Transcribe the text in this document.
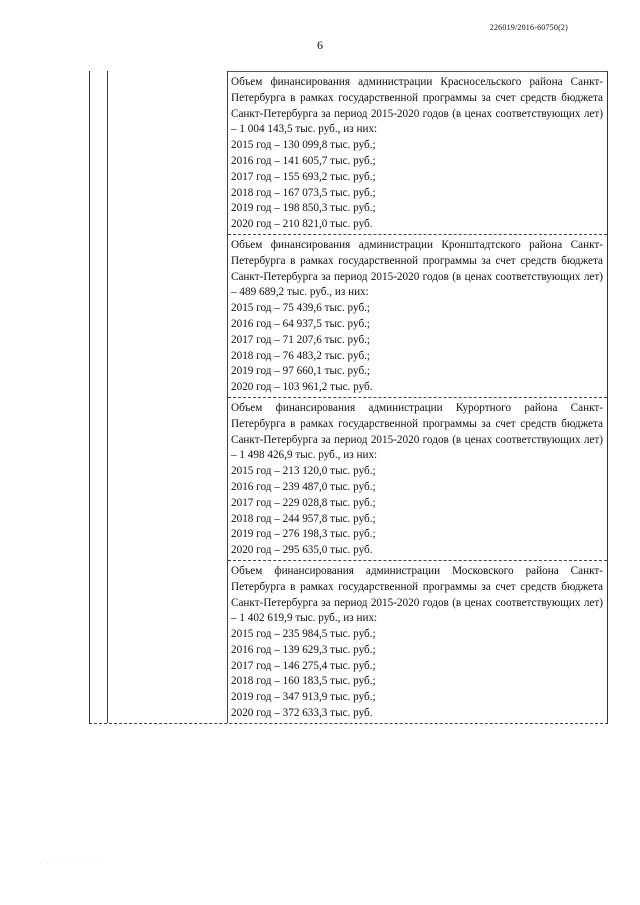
226019/2016-60750(2)
6
Объем финансирования администрации Красносельского района Санкт-Петербурга в рамках государственной программы за счет средств бюджета Санкт-Петербурга за период 2015-2020 годов (в ценах соответствующих лет) – 1 004 143,5 тыс. руб., из них:
2015 год – 130 099,8 тыс. руб.;
2016 год – 141 605,7 тыс. руб.;
2017 год – 155 693,2 тыс. руб.;
2018 год – 167 073,5 тыс. руб.;
2019 год – 198 850,3 тыс. руб.;
2020 год – 210 821,0 тыс. руб.
Объем финансирования администрации Кронштадтского района Санкт-Петербурга в рамках государственной программы за счет средств бюджета Санкт-Петербурга за период 2015-2020 годов (в ценах соответствующих лет) – 489 689,2 тыс. руб., из них:
2015 год – 75 439,6 тыс. руб.;
2016 год – 64 937,5 тыс. руб.;
2017 год – 71 207,6 тыс. руб.;
2018 год – 76 483,2 тыс. руб.;
2019 год – 97 660,1 тыс. руб.;
2020 год – 103 961,2 тыс. руб.
Объем финансирования администрации Курортного района Санкт-Петербурга в рамках государственной программы за счет средств бюджета Санкт-Петербурга за период 2015-2020 годов (в ценах соответствующих лет) – 1 498 426,9 тыс. руб., из них:
2015 год – 213 120,0 тыс. руб.;
2016 год – 239 487,0 тыс. руб.;
2017 год – 229 028,8 тыс. руб.;
2018 год – 244 957,8 тыс. руб.;
2019 год – 276 198,3 тыс. руб.;
2020 год – 295 635,0 тыс. руб.
Объем финансирования администрации Московского района Санкт-Петербурга в рамках государственной программы за счет средств бюджета Санкт-Петербурга за период 2015-2020 годов (в ценах соответствующих лет) – 1 402 619,9 тыс. руб., из них:
2015 год – 235 984,5 тыс. руб.;
2016 год – 139 629,3 тыс. руб.;
2017 год – 146 275,4 тыс. руб.;
2018 год – 160 183,5 тыс. руб.;
2019 год – 347 913,9 тыс. руб.;
2020 год – 372 633,3 тыс. руб.
· · · · · · · · ·
